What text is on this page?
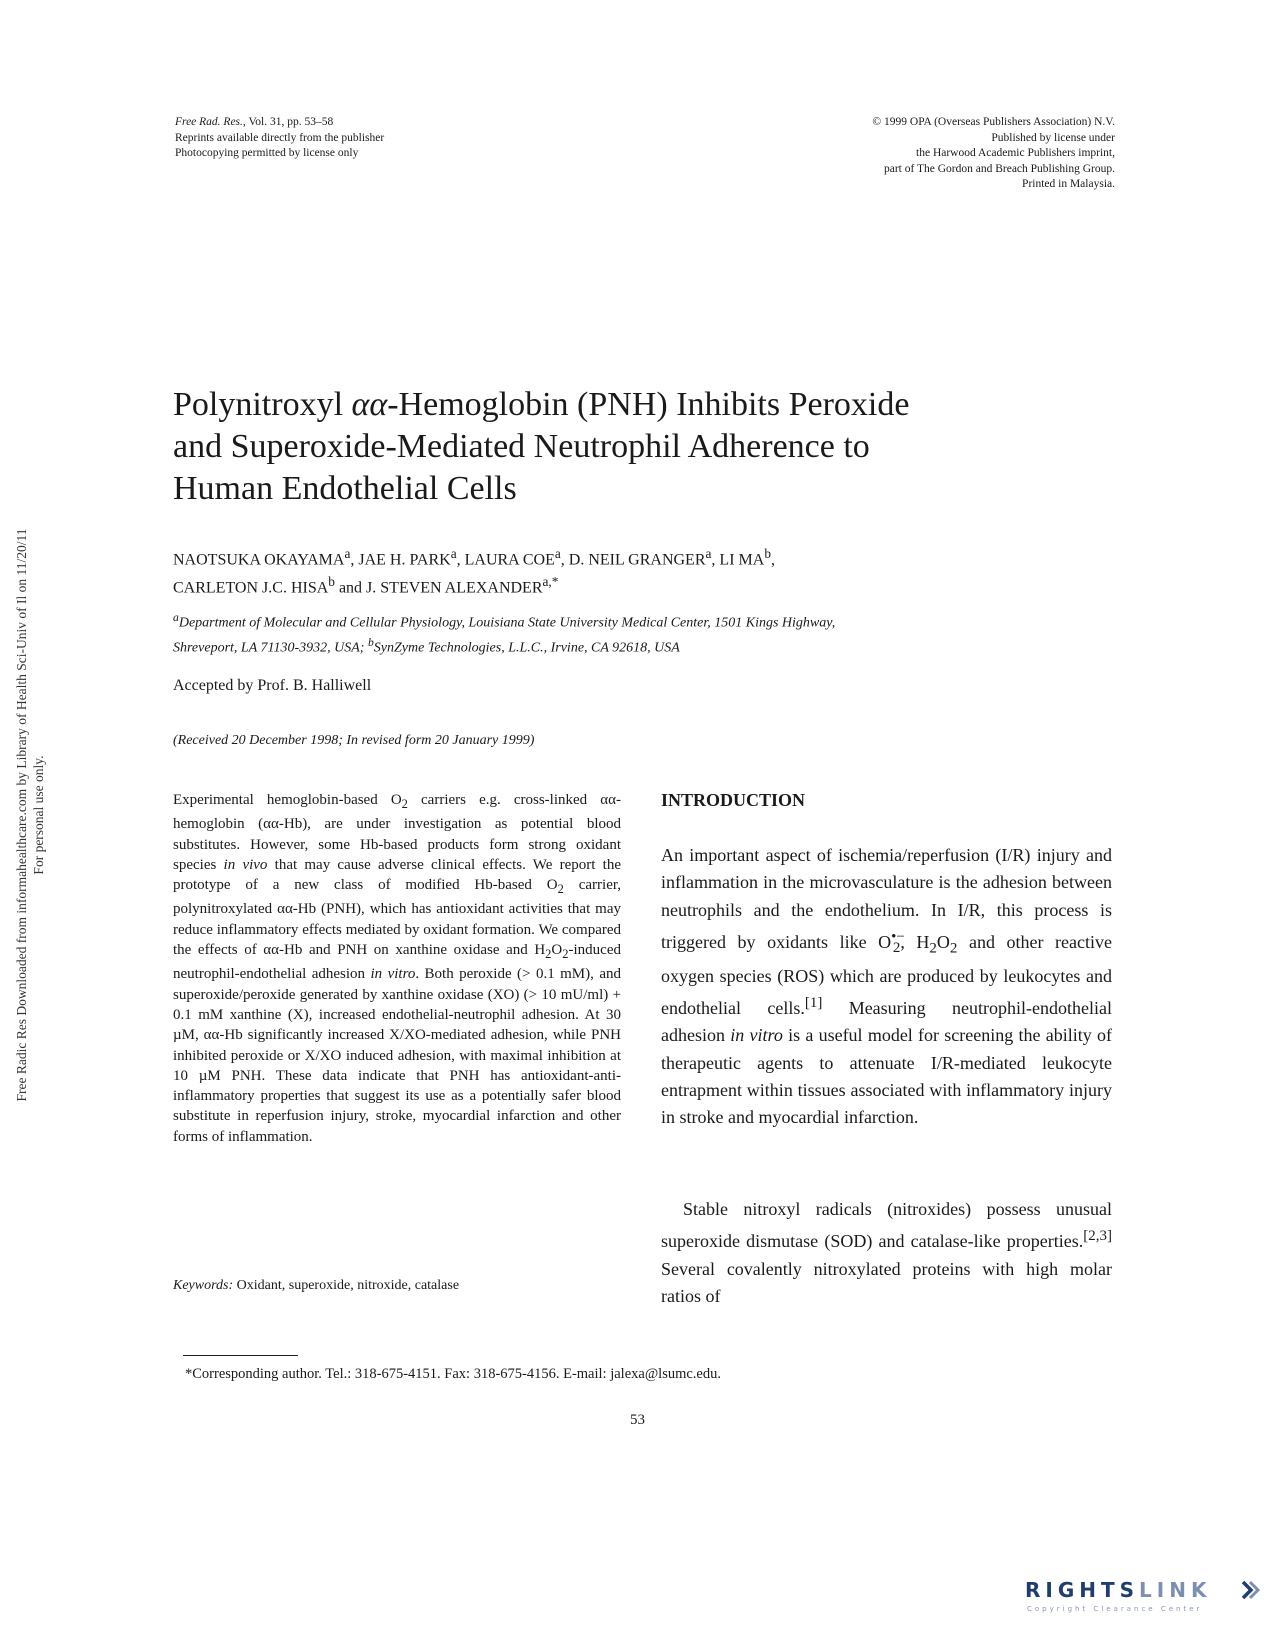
Free Rad. Res., Vol. 31, pp. 53–58
Reprints available directly from the publisher
Photocopying permitted by license only
© 1999 OPA (Overseas Publishers Association) N.V.
Published by license under
the Harwood Academic Publishers imprint,
part of The Gordon and Breach Publishing Group.
Printed in Malaysia.
Free Radic Res Downloaded from informahealthcare.com by Library of Health Sci-Univ of Il on 11/20/11 For personal use only.
Polynitroxyl αα-Hemoglobin (PNH) Inhibits Peroxide
and Superoxide-Mediated Neutrophil Adherence to
Human Endothelial Cells
NAOTSUKA OKAYAMA$^a$, JAE H. PARK$^a$, LAURA COE$^a$, D. NEIL GRANGER$^a$, LI $MA^b$,
CARLETON J.C. HISA$^b$ and J. STEVEN $ALEXANDER^{a,*}$
$^a$Department of Molecular and Cellular Physiology, Louisiana State University Medical Center, 1501 Kings Highway,
Shreveport, LA 71130-3932, USA; $^b$SynZyme Technologies, L.L.C., Irvine, CA 92618, USA
Accepted by Prof. B. Halliwell
(Received 20 December 1998; In revised form 20 January 1999)

Experimental hemoglobin-based $O_2$ carriers e.g. cross-linked αα-hemoglobin (αα-Hb), are under investigation as potential blood substitutes. However, some Hb-based products form strong oxidant species in vivo that may cause adverse clinical effects. We report the prototype of a new class of modified Hb-based $O_2$ carrier, polynitroxylated αα-Hb (PNH), which has antioxidant activities that may reduce inflammatory effects mediated by oxidant formation. We compared the effects of αα-Hb and PNH on xanthine oxidase and $H_2O_2$-induced neutrophil-endothelial adhesion in vitro. Both peroxide (> 0.1 mM), and superoxide/peroxide generated by xanthine oxidase (XO) (> 10 mU/ml) + 0.1 mM xanthine (X), increased endothelial-neutrophil adhesion. At 30 µM, αα-Hb significantly increased X/XO-mediated adhesion, while PNH inhibited peroxide or X/XO induced adhesion, with maximal inhibition at 10 µM PNH. These data indicate that PNH has antioxidant-anti-inflammatory properties that suggest its use as a potentially safer blood substitute in reperfusion injury, stroke, myocardial infarction and other forms of inflammation.

Keywords: Oxidant, superoxide, nitroxide, catalase
INTRODUCTION

An important aspect of ischemia/reperfusion (I/R) injury and inflammation in the microvasculature is the adhesion between neutrophils and the endothelium. In I/R, this process is triggered by oxidants like $O^{•-}_2$, $H_2O_2$ and other reactive oxygen species (ROS) which are produced by leukocytes and endothelial cells.[1] Measuring neutrophil-endothelial adhesion in vitro is a useful model for screening the ability of therapeutic agents to attenuate I/R-mediated leukocyte entrapment within tissues associated with inflammatory injury in stroke and myocardial infarction.

Stable nitroxyl radicals (nitroxides) possess unusual superoxide dismutase (SOD) and catalase-like properties.[2,3] Several covalently nitroxylated proteins with high molar ratios of

*Corresponding author. Tel.: 318-675-4151. Fax: 318-675-4156. E-mail: jalexa@lsumc.edu.
53
RIGHTSLINK
Copyright Clearance Center
